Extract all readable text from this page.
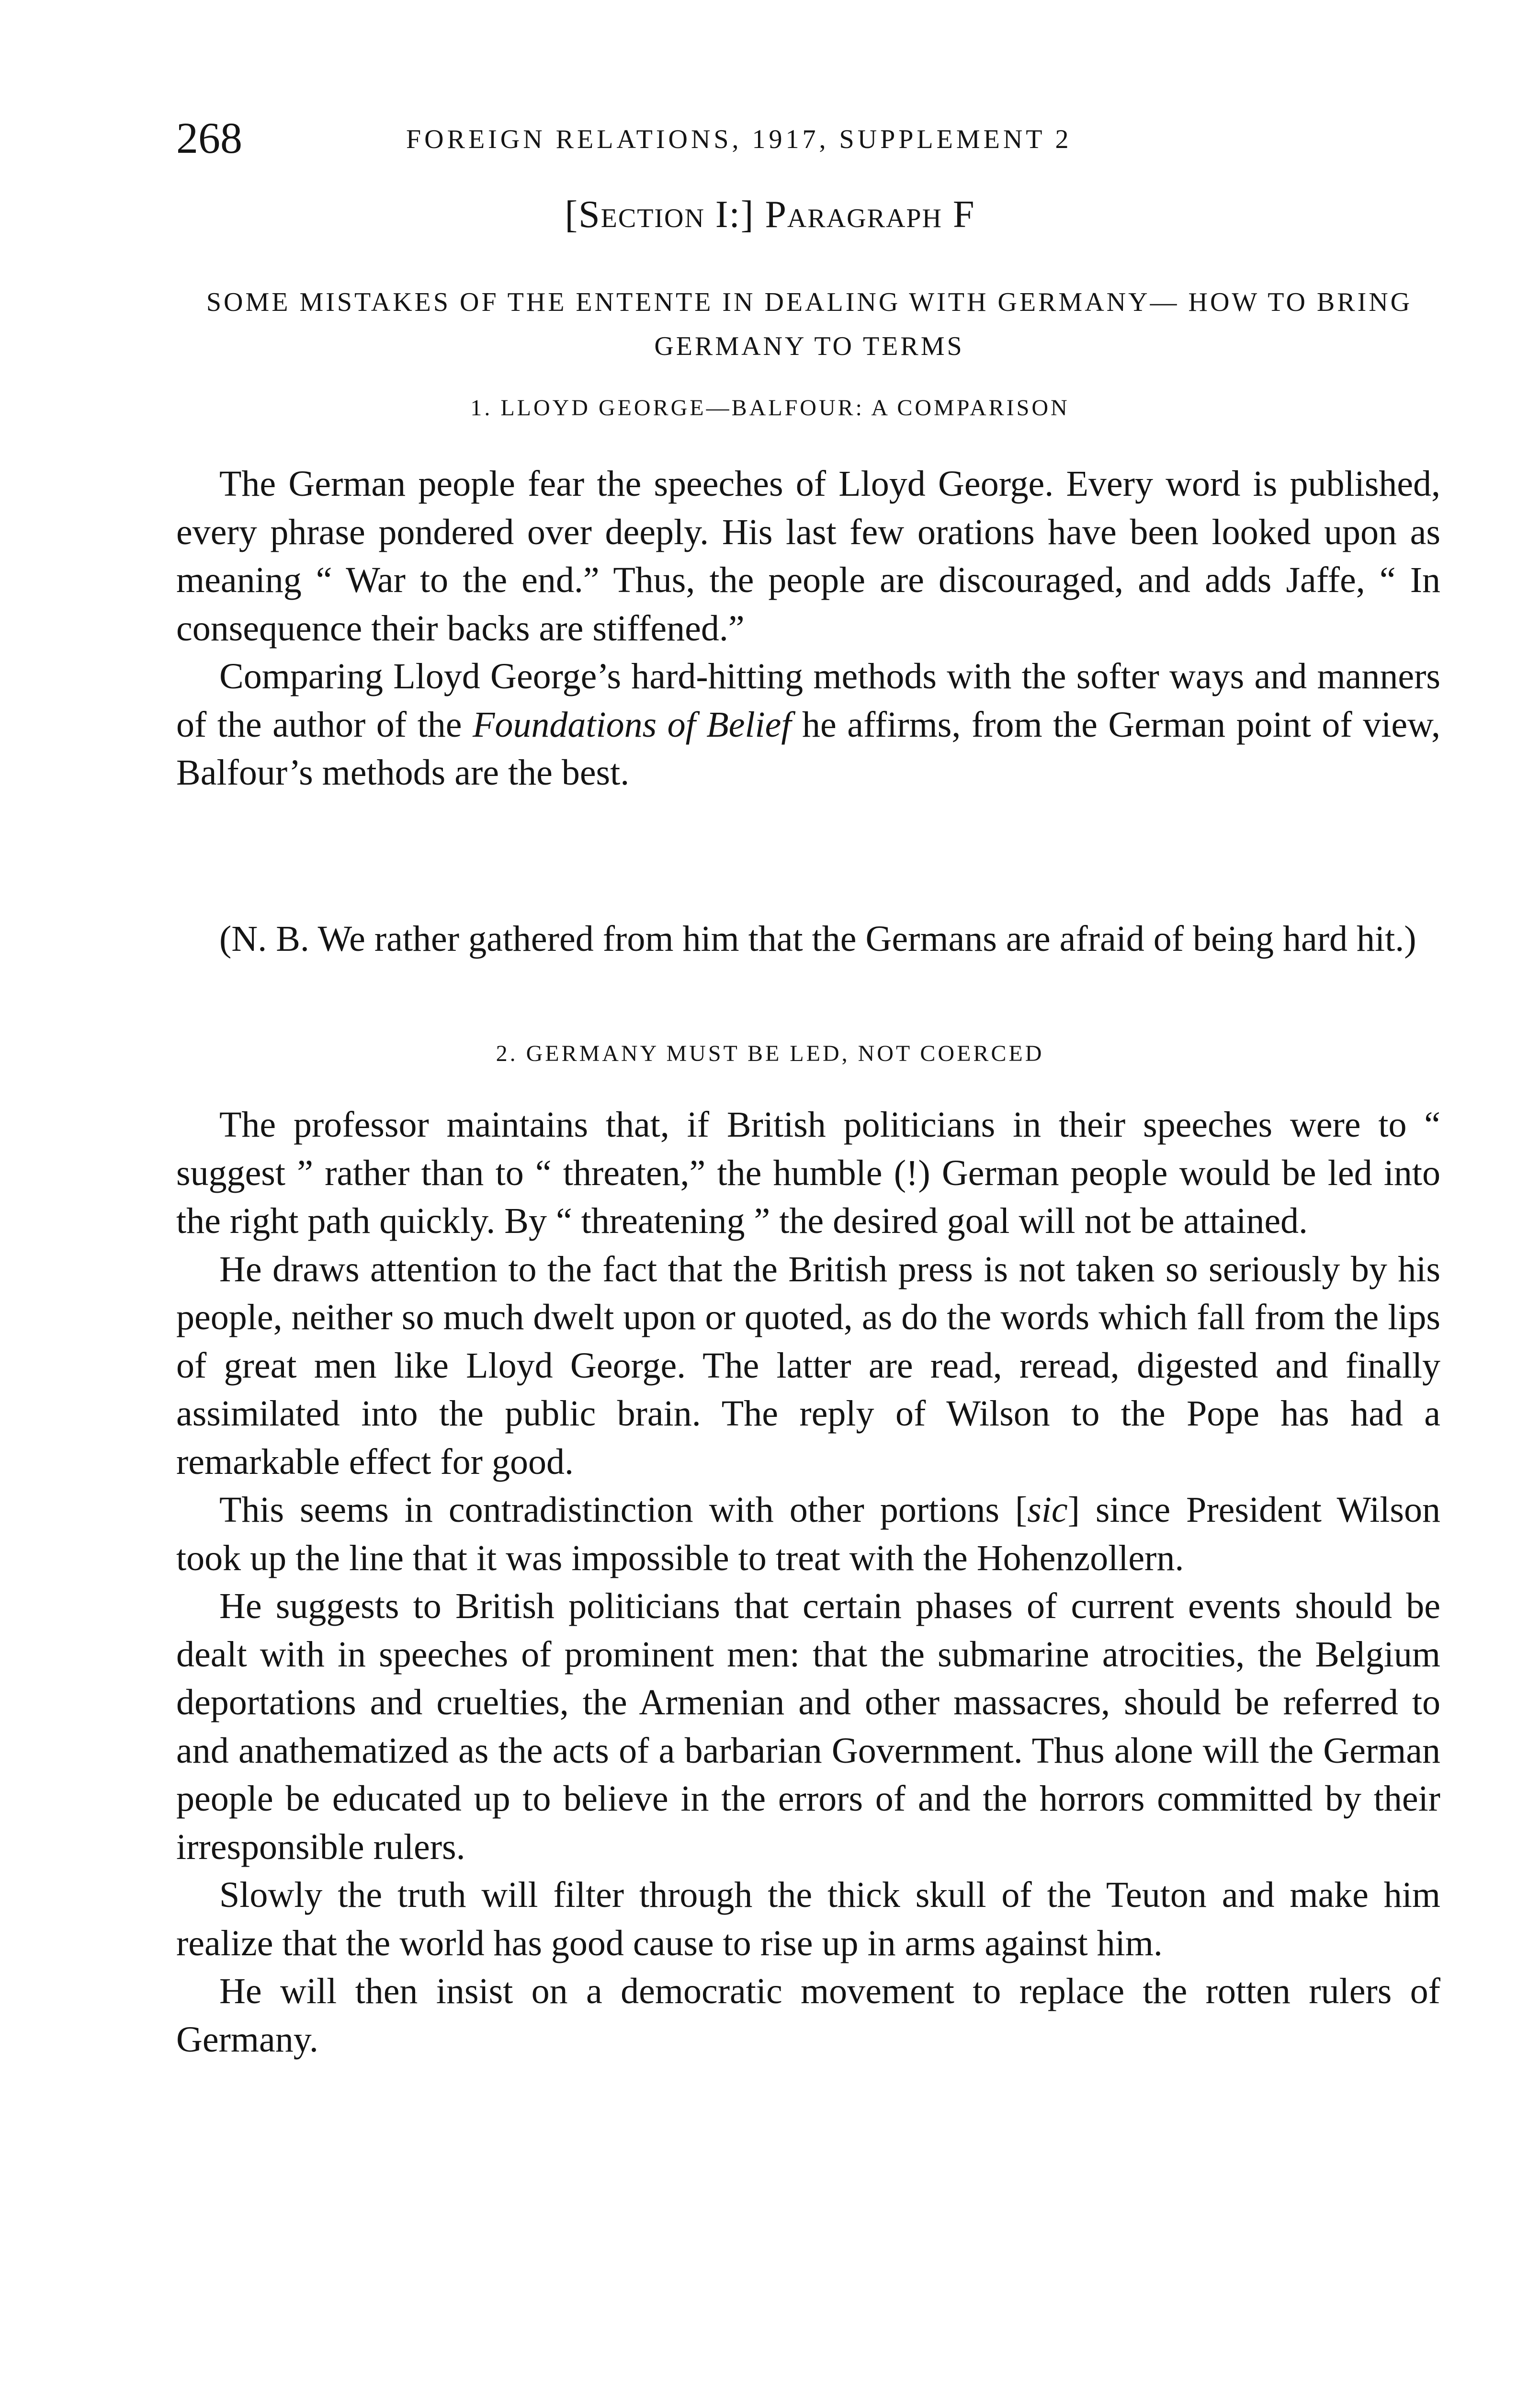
268	FOREIGN RELATIONS, 1917, SUPPLEMENT 2
[Section I:] Paragraph F
SOME MISTAKES OF THE ENTENTE IN DEALING WITH GERMANY— HOW TO BRING GERMANY TO TERMS
1. LLOYD GEORGE—BALFOUR: A COMPARISON

The German people fear the speeches of Lloyd George. Every word is published, every phrase pondered over deeply. His last few orations have been looked upon as meaning “ War to the end.” Thus, the people are discouraged, and adds Jaffe, “ In consequence their backs are stiffened.”

Comparing Lloyd George’s hard-hitting methods with the softer ways and manners of the author of the Foundations of Belief he affirms, from the German point of view, Balfour’s methods are the best.

(N. B. We rather gathered from him that the Germans are afraid of being hard hit.)

2. GERMANY MUST BE LED, NOT COERCED

The professor maintains that, if British politicians in their speeches were to “ suggest ” rather than to “ threaten,” the humble (!) German people would be led into the right path quickly. By “ threatening ” the desired goal will not be attained.

He draws attention to the fact that the British press is not taken so seriously by his people, neither so much dwelt upon or quoted, as do the words which fall from the lips of great men like Lloyd George. The latter are read, reread, digested and finally assimilated into the public brain. The reply of Wilson to the Pope has had a remarkable effect for good.

This seems in contradistinction with other portions [sic] since President Wilson took up the line that it was impossible to treat with the Hohenzollern.

He suggests to British politicians that certain phases of current events should be dealt with in speeches of prominent men: that the submarine atrocities, the Belgium deportations and cruelties, the Armenian and other massacres, should be referred to and anathematized as the acts of a barbarian Government. Thus alone will the German people be educated up to believe in the errors of and the horrors committed by their irresponsible rulers.

Slowly the truth will filter through the thick skull of the Teuton and make him realize that the world has good cause to rise up in arms against him.

He will then insist on a democratic movement to replace the rotten rulers of Germany.
